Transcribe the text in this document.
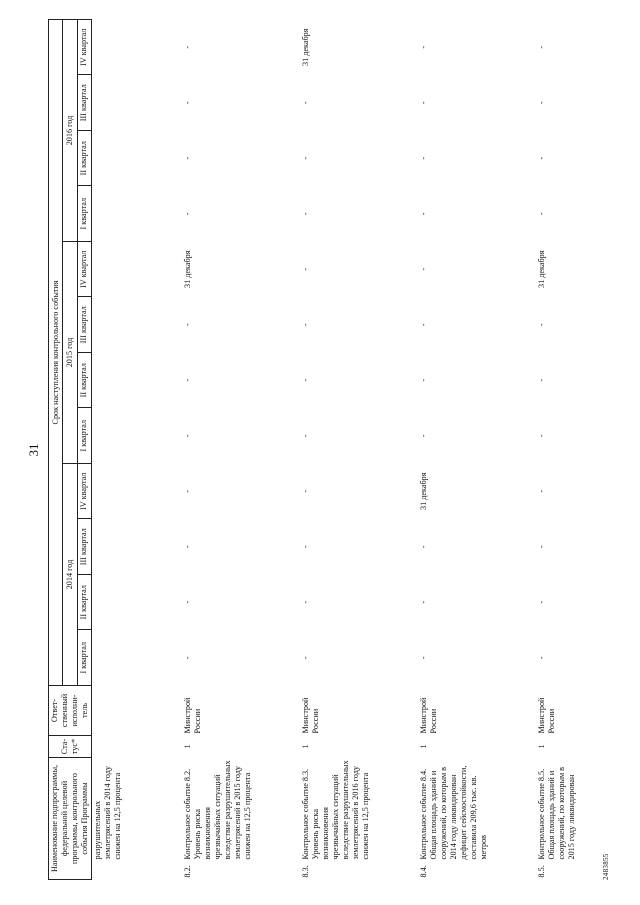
31
Наименование подпрограммы, федеральной целевой программы, контрольного события Программы		Ста-тус*	Ответ-ственный исполни-тель	Срок наступления контрольного события											
				2014 год				2015 год				2016 год			
				I квартал	II квартал	III квартал	IV квартал	I квартал	II квартал	III квартал	IV квартал	I квартал	II квартал	III квартал	IV квартал
	разрушительных землетрясений в 2014 году снижен на 12,5 процента														
8.2.	Контрольное событие 8.2. Уровень риска возникновения чрезвычайных ситуаций вследствие разрушительных землетрясений в 2015 году снижен на 12,5 процента	1	Минстрой России	-	-	-	-	-	-	-	31 декабря	-	-	-	-
8.3.	Контрольное событие 8.3. Уровень риска возникновения чрезвычайных ситуаций вследствие разрушительных землетрясений в 2016 году снижен на 12,5 процента	1	Минстрой России	-	-	-	-	-	-	-	-	-	-	-	31 декабря
8.4.	Контрольное событие 8.4. Общая площадь зданий и сооружений, по которым в 2014 году ликвидирован дефицит сейсмостойкости, составила 209,6 тыс. кв. метров	1	Минстрой России	-	-	-	31 декабря	-	-	-	-	-	-	-	-
8.5.	Контрольное событие 8.5. Общая площадь зданий и сооружений, по которым в 2015 году ликвидирован	1	Минстрой России	-	-	-	-	-	-	-	31 декабря	-	-	-	-
2483855
